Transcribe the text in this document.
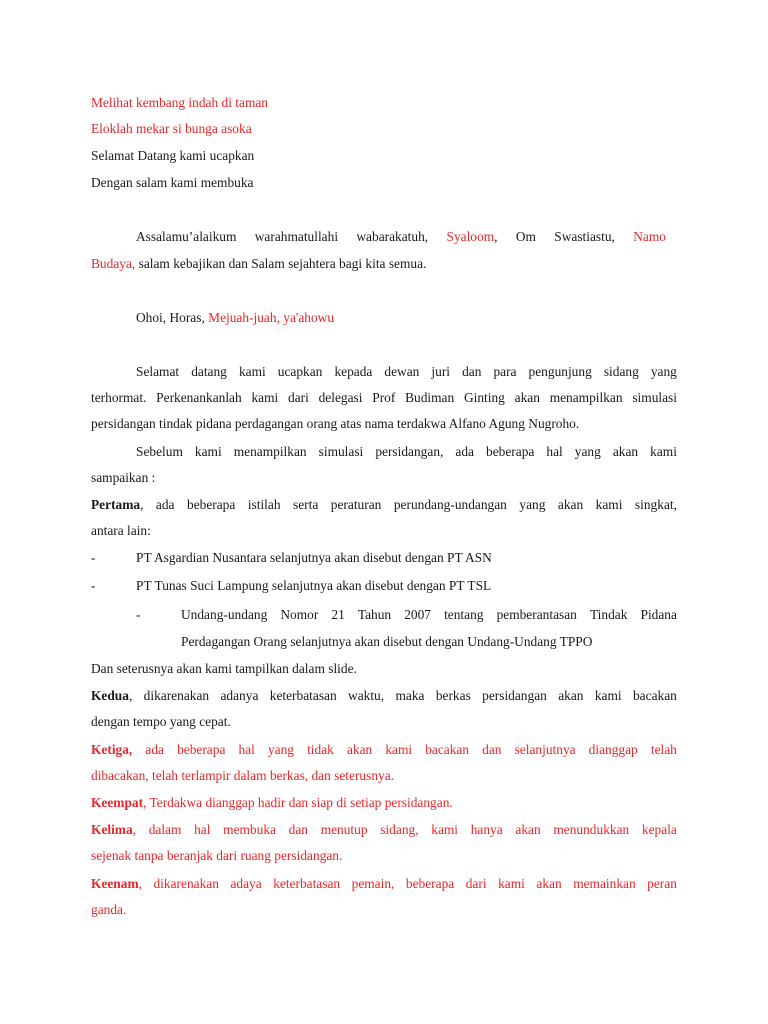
Melihat kembang indah di taman
Eloklah mekar si bunga asoka
Selamat Datang kami ucapkan
Dengan salam kami membuka
Assalamu’alaikum warahmatullahi wabarakatuh, Syaloom, Om Swastiastu, Namo
Budaya, salam kebajikan dan Salam sejahtera bagi kita semua.
Ohoi, Horas, Mejuah-juah, ya'ahowu
Selamat datang kami ucapkan kepada dewan juri dan para pengunjung sidang yang
terhormat. Perkenankanlah kami dari delegasi Prof Budiman Ginting akan menampilkan simulasi
persidangan tindak pidana perdagangan orang atas nama terdakwa Alfano Agung Nugroho.
Sebelum kami menampilkan simulasi persidangan, ada beberapa hal yang akan kami
sampaikan :
Pertama, ada beberapa istilah serta peraturan perundang-undangan yang akan kami singkat,
antara lain:
-	PT Asgardian Nusantara selanjutnya akan disebut dengan PT ASN
-	PT Tunas Suci Lampung selanjutnya akan disebut dengan PT TSL
-	Undang-undang Nomor 21 Tahun 2007 tentang pemberantasan Tindak Pidana
Perdagangan Orang selanjutnya akan disebut dengan Undang-Undang TPPO
Dan seterusnya akan kami tampilkan dalam slide.
Kedua, dikarenakan adanya keterbatasan waktu, maka berkas persidangan akan kami bacakan
dengan tempo yang cepat.
Ketiga, ada beberapa hal yang tidak akan kami bacakan dan selanjutnya dianggap telah
dibacakan, telah terlampir dalam berkas, dan seterusnya.
Keempat, Terdakwa dianggap hadir dan siap di setiap persidangan.
Kelima, dalam hal membuka dan menutup sidang, kami hanya akan menundukkan kepala
sejenak tanpa beranjak dari ruang persidangan.
Keenam, dikarenakan adaya keterbatasan pemain, beberapa dari kami akan memainkan peran
ganda.
